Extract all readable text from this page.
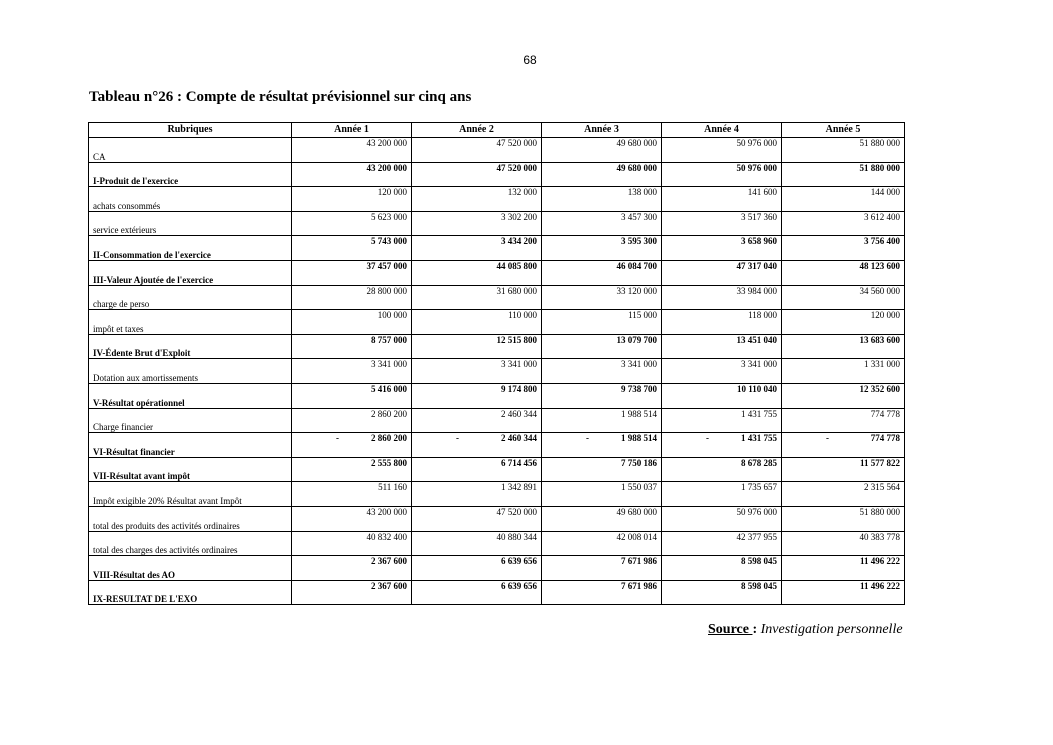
68
Tableau n°26 : Compte de résultat prévisionnel sur cinq ans
Rubriques	Année 1	Année 2	Année 3	Année 4	Année 5
CA	43 200 000	47 520 000	49 680 000	50 976 000	51 880 000
I-Produit de l'exercice	43 200 000	47 520 000	49 680 000	50 976 000	51 880 000
achats consommés	120 000	132 000	138 000	141 600	144 000
service extérieurs	5 623 000	3 302 200	3 457 300	3 517 360	3 612 400
II-Consommation de l'exercice	5 743 000	3 434 200	3 595 300	3 658 960	3 756 400
III-Valeur Ajoutée de l'exercice	37 457 000	44 085 800	46 084 700	47 317 040	48 123 600
charge de perso	28 800 000	31 680 000	33 120 000	33 984 000	34 560 000
impôt et taxes	100 000	110 000	115 000	118 000	120 000
IV-Édente Brut d'Exploit	8 757 000	12 515 800	13 079 700	13 451 040	13 683 600
Dotation aux amortissements	3 341 000	3 341 000	3 341 000	3 341 000	1 331 000
V-Résultat opérationnel	5 416 000	9 174 800	9 738 700	10 110 040	12 352 600
Charge financier	2 860 200	2 460 344	1 988 514	1 431 755	774 778
VI-Résultat financier	- 2 860 200	- 2 460 344	- 1 988 514	- 1 431 755	- 774 778

VII-Résultat avant impôt	2 555 800	6 714 456	7 750 186	8 678 285	11 577 822
Impôt exigible 20% Résultat avant Impôt	511 160	1 342 891	1 550 037	1 735 657	2 315 564
total des produits des activités ordinaires	43 200 000	47 520 000	49 680 000	50 976 000	51 880 000
total des charges des activités ordinaires	40 832 400	40 880 344	42 008 014	42 377 955	40 383 778
VIII-Résultat des AO	2 367 600	6 639 656	7 671 986	8 598 045	11 496 222
IX-RESULTAT DE L'EXO	2 367 600	6 639 656	7 671 986	8 598 045	11 496 222
Source : Investigation personnelle
